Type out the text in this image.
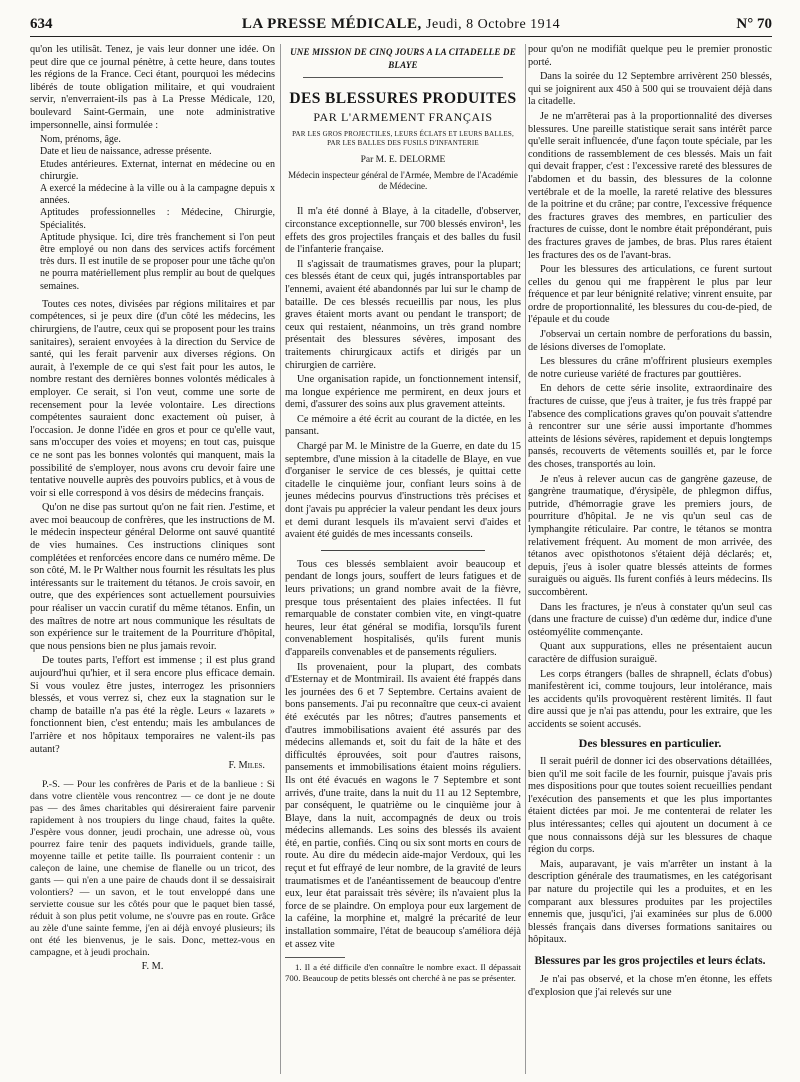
634	LA PRESSE MÉDICALE, Jeudi, 8 Octobre 1914	N° 70

qu'on les utilisât. Tenez, je vais leur donner une idée. On peut dire que ce journal pénètre, à cette heure, dans toutes les régions de la France. Ceci étant, pourquoi les médecins libérés de toute obligation militaire, et qui voudraient servir, n'enverraient-ils pas à La Presse Médicale, 120, boulevard Saint-Germain, une note administrative impersonnelle, ainsi formulée :

Nom, prénoms, âge.

Date et lieu de naissance, adresse présente.

Etudes antérieures. Externat, internat en médecine ou en chirurgie.

A exercé la médecine à la ville ou à la campagne depuis x années.

Aptitudes professionnelles : Médecine, Chirurgie, Spécialités.

Aptitude physique. Ici, dire très franchement si l'on peut être employé ou non dans des services actifs forcément très durs. Il est inutile de se proposer pour une tâche qu'on ne pourra matériellement plus remplir au bout de quelques semaines.

Toutes ces notes, divisées par régions militaires et par compétences, si je peux dire (d'un côté les médecins, les chirurgiens, de l'autre, ceux qui se proposent pour les trains sanitaires), seraient envoyées à la direction du Service de santé, qui les ferait parvenir aux diverses régions. On aurait, à l'exemple de ce qui s'est fait pour les autos, le nombre restant des dernières bonnes volontés médicales à employer. Ce serait, si l'on veut, comme une sorte de recensement pour la levée volontaire. Les directions compétentes sauraient donc exactement où puiser, à l'occasion. Je donne l'idée en gros et pour ce qu'elle vaut, sans m'occuper des voies et moyens; en tout cas, puisque ce ne sont pas les bonnes volontés qui manquent, mais la possibilité de s'employer, nous avons cru devoir faire une tentative nouvelle auprès des pouvoirs publics, et à vous de voir si elle correspond à vos désirs de médecins français.

Qu'on ne dise pas surtout qu'on ne fait rien. J'estime, et avec moi beaucoup de confrères, que les instructions de M. le médecin inspecteur général Delorme ont sauvé quantité de vies humaines. Ces instructions cliniques sont complétées et renforcées encore dans ce numéro même. De son côté, M. le Pr Walther nous fournit les résultats les plus intéressants sur le traitement du tétanos. Je crois savoir, en outre, que des expériences sont actuellement poursuivies pour réaliser un vaccin curatif du même tétanos. Enfin, un des maîtres de notre art nous communique les résultats de son expérience sur le traitement de la Pourriture d'hôpital, que nous pensions bien ne plus jamais revoir.

De toutes parts, l'effort est immense ; il est plus grand aujourd'hui qu'hier, et il sera encore plus efficace demain. Si vous voulez être justes, interrogez les prisonniers blessés, et vous verrez si, chez eux la stagnation sur le champ de bataille n'a pas été la règle. Leurs « lazarets » fonctionnent bien, c'est entendu; mais les ambulances de l'arrière et nos hôpitaux temporaires ne valent-ils pas autant?

F. Miles.

P.-S. — Pour les confrères de Paris et de la banlieue : Si dans votre clientèle vous rencontrez — ce dont je ne doute pas — des âmes charitables qui désireraient faire parvenir rapidement à nos troupiers du linge chaud, faites la quête. J'espère vous donner, jeudi prochain, une adresse où, vous pourrez faire tenir des paquets individuels, grande taille, moyenne taille et petite taille. Ils pourraient contenir : un caleçon de laine, une chemise de flanelle ou un tricot, des gants — qui n'en a une paire de chauds dont il se dessaisirait volontiers? — un savon, et le tout enveloppé dans une serviette cousue sur les côtés pour que le paquet bien tassé, réduit à son plus petit volume, ne s'ouvre pas en route. Grâce au zèle d'une sainte femme, j'en ai déjà envoyé plusieurs; ils ont été les bienvenus, je le sais. Donc, mettez-vous en campagne, et à jeudi prochain.

F. M.

UNE MISSION DE CINQ JOURS A LA CITADELLE DE BLAYE

DES BLESSURES PRODUITES

PAR L'ARMEMENT FRANÇAIS

PAR LES GROS PROJECTILES, LEURS ÉCLATS ET LEURS BALLES, PAR LES BALLES DES FUSILS D'INFANTERIE

Par M. E. DELORME

Médecin inspecteur général de l'Armée, Membre de l'Académie de Médecine.

Il m'a été donné à Blaye, à la citadelle, d'observer, circonstance exceptionnelle, sur 700 blessés environ¹, les effets des gros projectiles français et des balles du fusil de l'infanterie française.

Il s'agissait de traumatismes graves, pour la plupart; ces blessés étant de ceux qui, jugés intransportables par l'ennemi, avaient été abandonnés par lui sur le champ de bataille. De ces blessés recueillis par nous, les plus graves étaient morts avant ou pendant le transport; de ceux qui restaient, néanmoins, un très grand nombre présentait des blessures sévères, imposant des traitements chirurgicaux actifs et dirigés par un chirurgien de carrière.

Une organisation rapide, un fonctionnement intensif, ma longue expérience me permirent, en deux jours et demi, d'assurer des soins aux plus gravement atteints.

Ce mémoire a été écrit au courant de la dictée, en les pansant.

Chargé par M. le Ministre de la Guerre, en date du 15 septembre, d'une mission à la citadelle de Blaye, en vue d'organiser le service de ces blessés, je quittai cette citadelle le cinquième jour, confiant leurs soins à de jeunes médecins pourvus d'instructions très précises et dont j'avais pu apprécier la valeur pendant les deux jours et demi durant lesquels ils m'avaient servi d'aides et avaient été guidés de mes incessants conseils.

Tous ces blessés semblaient avoir beaucoup et pendant de longs jours, souffert de leurs fatigues et de leurs privations; un grand nombre avait de la fièvre, presque tous présentaient des plaies infectées. Il fut remarquable de constater combien vite, en vingt-quatre heures, leur état général se modifia, lorsqu'ils furent convenablement hospitalisés, qu'ils furent munis d'appareils convenables et de pansements réguliers.

Ils provenaient, pour la plupart, des combats d'Esternay et de Montmirail. Ils avaient été frappés dans les journées des 6 et 7 Septembre. Certains avaient de bons pansements. J'ai pu reconnaître que ceux-ci avaient été exécutés par les nôtres; d'autres pansements et d'autres immobilisations avaient été assurés par des médecins allemands et, soit du fait de la hâte et des difficultés éprouvées, soit pour d'autres raisons, pansements et immobilisations étaient moins réguliers. Ils ont été évacués en wagons le 7 Septembre et sont arrivés, d'une traite, dans la nuit du 11 au 12 Septembre, par conséquent, le quatrième ou le cinquième jour à Blaye, dans la nuit, accompagnés de deux ou trois médecins allemands. Les soins des blessés ils avaient été, en partie, confiés. Cinq ou six sont morts en cours de route. Au dire du médecin aide-major Verdoux, qui les reçut et fut effrayé de leur nombre, de la gravité de leurs traumatismes et de l'anéantissement de beaucoup d'entre eux, leur état paraissait très sévère; ils n'avaient plus la force de se plaindre. On employa pour eux largement de la caféine, la morphine et, malgré la précarité de leur installation sommaire, l'état de beaucoup s'améliora déjà et assez vite

1. Il a été difficile d'en connaître le nombre exact. Il dépassait 700. Beaucoup de petits blessés ont cherché à ne pas se présenter.

pour qu'on ne modifiât quelque peu le premier pronostic porté.

Dans la soirée du 12 Septembre arrivèrent 250 blessés, qui se joignirent aux 450 à 500 qui se trouvaient déjà dans la citadelle.

Je ne m'arrêterai pas à la proportionnalité des diverses blessures. Une pareille statistique serait sans intérêt parce qu'elle serait influencée, d'une façon toute spéciale, par les conditions de rassemblement de ces blessés. Mais un fait qui devait frapper, c'est : l'excessive rareté des blessures de l'abdomen et du bassin, des blessures de la colonne vertébrale et de la moelle, la rareté relative des blessures de la poitrine et du crâne; par contre, l'excessive fréquence des fractures graves des membres, en particulier des fractures de cuisse, dont le nombre était prépondérant, puis des fractures graves de jambes, de bras. Plus rares étaient les fractures des os de l'avant-bras.

Pour les blessures des articulations, ce furent surtout celles du genou qui me frappèrent le plus par leur fréquence et par leur bénignité relative; vinrent ensuite, par ordre de proportionnalité, les blessures du cou-de-pied, de l'épaule et du coude

J'observai un certain nombre de perforations du bassin, de lésions diverses de l'omoplate.

Les blessures du crâne m'offrirent plusieurs exemples de notre curieuse variété de fractures par gouttières.

En dehors de cette série insolite, extraordinaire des fractures de cuisse, que j'eus à traiter, je fus très frappé par l'absence des complications graves qu'on pouvait s'attendre à rencontrer sur une série aussi importante d'hommes atteints de lésions sévères, rapidement et depuis longtemps pansés, recouverts de vêtements souillés et, par le force des choses, transportés au loin.

Je n'eus à relever aucun cas de gangrène gazeuse, de gangrène traumatique, d'érysipèle, de phlegmon diffus, putride, d'hémorragie grave les premiers jours, de pourriture d'hôpital. Je ne vis qu'un seul cas de lymphangite réticulaire. Par contre, le tétanos se montra relativement fréquent. Au moment de mon arrivée, des tétanos avec opisthotonos s'étaient déjà déclarés; et, depuis, j'eus à isoler quatre blessés atteints de formes suraiguës ou aiguës. Ils furent confiés à leurs médecins. Ils succombèrent.

Dans les fractures, je n'eus à constater qu'un seul cas (dans une fracture de cuisse) d'un œdème dur, indice d'une ostéomyélite commençante.

Quant aux suppurations, elles ne présentaient aucun caractère de diffusion suraiguë.

Les corps étrangers (balles de shrapnell, éclats d'obus) manifestèrent ici, comme toujours, leur intolérance, mais les accidents qu'ils provoquèrent restèrent limités. Il faut dire aussi que je n'ai pas attendu, pour les extraire, que les accidents se soient accusés.

Des blessures en particulier.

Il serait puéril de donner ici des observations détaillées, bien qu'il me soit facile de les fournir, puisque j'avais pris mes dispositions pour que toutes soient recueillies pendant l'exécution des pansements et que les plus importantes étaient dictées par moi. Je me contenterai de relater les plus intéressantes; celles qui ajoutent un document à ce que nous connaissons déjà sur les blessures de chaque région du corps.

Mais, auparavant, je vais m'arrêter un instant à la description générale des traumatismes, en les catégorisant par nature du projectile qui les a produites, et en les comparant aux blessures produites par les projectiles ennemis que, jusqu'ici, j'ai examinées sur plus de 6.000 blessés français dans diverses formations sanitaires ou hôpitaux.

Blessures par les gros projectiles et leurs éclats.

Je n'ai pas observé, et la chose m'en étonne, les effets d'explosion que j'ai relevés sur une
